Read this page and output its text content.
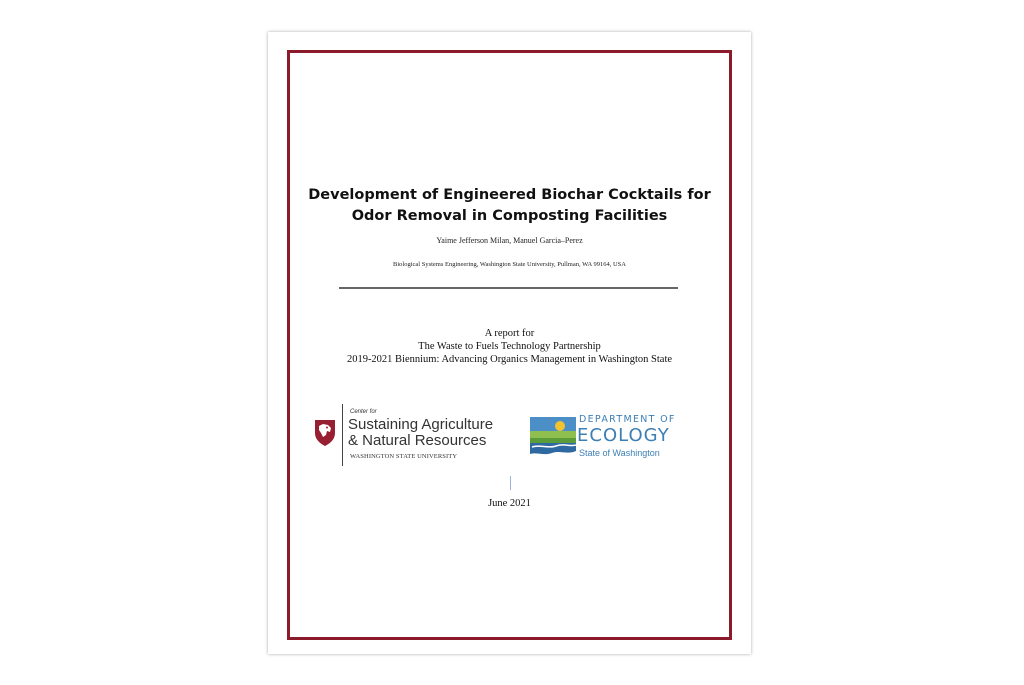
Development of Engineered Biochar Cocktails for
Odor Removal in Composting Facilities
Yaime Jefferson Milan, Manuel Garcia–Perez
Biological Systems Engineering, Washington State University, Pullman, WA 99164, USA
A report for
The Waste to Fuels Technology Partnership
2019-2021 Biennium: Advancing Organics Management in Washington State
Center for
Sustaining Agriculture
& Natural Resources
WASHINGTON STATE UNIVERSITY
DEPARTMENT OF
ECOLOGY
State of Washington
June 2021
